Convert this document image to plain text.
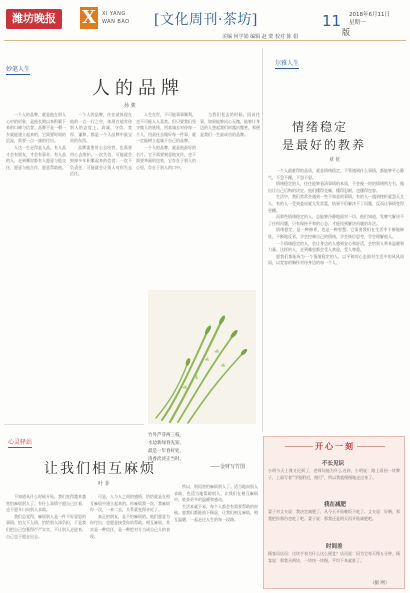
潍坊晚报	X	XI YANG
WAN BAO [文化周刊·茶坊]	11
版
2018年6月11日
星期一
美编 何学娟 编辑 赵 蒙 校对 陈 娟
妙笔人生
人的品牌
孙 骏

一个人的品牌，就是他在别人心中的形象，是他长期以来积累下来的口碑与信誉。品牌不是一朝一夕就能建立起来的，它需要时间的沉淀，需要一点一滴的付出。

人这一生走得是人品，有人品才会有朋友，才会有事业；有人品的人，走到哪里都有人愿意与他交往，愿意与他合作，愿意帮助他。

一个人的品牌，往往就体现在他的一言一行之中，体现在他对待别人的态度上。真诚、守信、宽厚、谦和，都是一个人品牌中最宝贵的东西。

品牌需要用心去经营，也需要用心去维护。一次失信，可能就会毁掉多年积累起来的信誉；一次不负责任，可能就会让别人对你失去信任。

人生在世，不可能事事顺利，也不可能人人喜欢。但只要我们坚守做人的底线，用真诚去对待每一个人，用责任去做好每一件事，就一定能树立起属于自己的品牌。

一个人的品牌，就是他最好的名片。它不需要刻意地宣传，也不需要华丽的包装，它存在于别人的心里，存在于别人的口中。

当我们老去的时候，回首往事，如果能够问心无愧，能够让身边的人想起我们时露出微笑，那便是我们一生最成功的品牌。

竹外芦芽两三枝，
水边新绿春先知，
最是一年春好处，
清香淡淡正当时。
——金财写竹图
尔雅人生
情绪稳定
是最好的教养
章 征

一个人最难得的品质，就是情绪稳定。不管遇到什么事情，都能够平心静气，不急不躁，不怨不怒。

情绪稳定的人，往往能够看清事情的本质，不会被一时的情绪所左右，做出让自己后悔的决定。他们懂得克制，懂得忍耐，也懂得包容。

生活中，我们常常会遇到一些不如意的事情。有的人一遇到挫折就怨天尤人，有的人一受到委屈就大发雷霆，结果不但解决不了问题，反而让事情变得更糟。

而那些情绪稳定的人，总能够冷静地面对一切，他们知道，发脾气解决不了任何问题，只有保持平和的心态，才能找到解决问题的办法。

情绪稳定，是一种修养，也是一种智慧。它需要我们在生活中不断地修炼，不断地反省，学会控制自己的情绪，学会换位思考，学会理解他人。

一个情绪稳定的人，会让身边的人感到安心和舒适，会给别人带来温暖和力量。这样的人，走到哪里都会受人欢迎，受人尊重。

愿我们都能成为一个情绪稳定的人，以平和的心态面对生活中的风风雨雨，以宽容的胸怀对待身边的每一个人。

心灵驿站
让我们相互麻烦
叶 菲

不知道从什么时候开始，我们变得越来越害怕麻烦别人了。有什么事情宁愿自己扛着，也不愿开口向别人求助。

我们总觉得，麻烦别人是一件不好意思的事情，怕欠下人情，怕给别人添负担，于是我们把自己包裹得严严实实，不让别人走进来，自己也不愿走出去。

可是，人与人之间的感情，恰恰就是在相互麻烦中建立起来的。你麻烦我一次，我麻烦你一次，一来二去，关系就变得亲近了。

真正的朋友，是不怕麻烦的。他们愿意为你付出，也愿意接受你的帮助。相互麻烦，其实是一种信任，是一种把对方当成自己人的表现。

所以，别再害怕麻烦别人了。适当地向别人求助，也适当地帮助别人，让我们在相互麻烦中，收获更多的温暖和感动。

生活本就不易，每个人都会有需要帮助的时候。愿我们都能放下顾虑，让我们相互麻烦，相互温暖，一起走过人生的每一段路。

开心一刻
不长见识
小明今天上课又迟到了，老师问他为什么迟到，小明说：路上看到一块牌子，上面写着“学校附近，慢行”，所以我就慢慢地走过来了。
我在减肥
妻子对丈夫说：我决定减肥了，从今天开始晚饭不吃了。丈夫说：好啊，那我把你那份也吃了吧。妻子说：那我还是明天再开始减肥吧。
时间差
顾客问店员：这块手表为什么这么便宜？店员说：因为它每天慢五分钟。顾客说：那我买两块，一块快一块慢，平均下来就准了。
（据 网）
